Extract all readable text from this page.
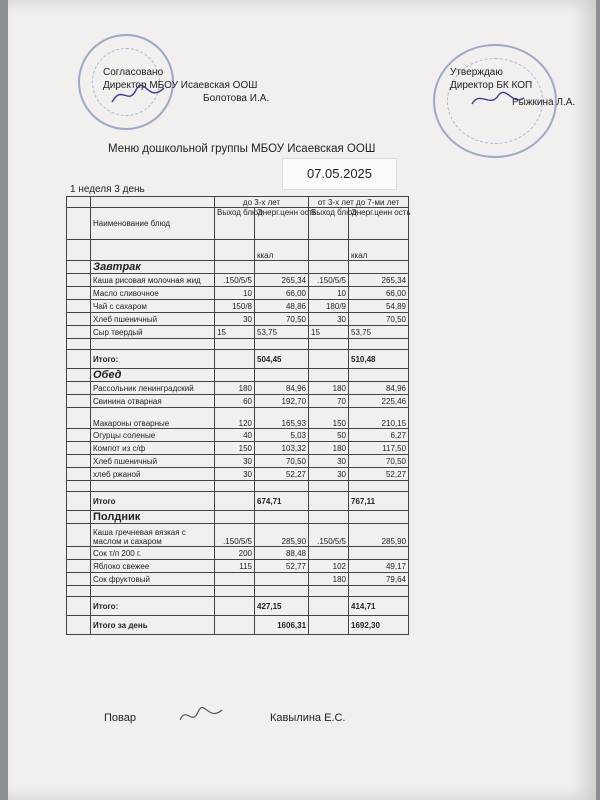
Согласовано
Директор МБОУ Исаевская ООШ
Болотова И.А.
Утверждаю
Директор БК КОП
Рыжкина Л.А.
Меню дошкольной группы МБОУ Исаевская ООШ
07.05.2025
1 неделя 3 день
		до 3-х лет		от 3-х лет до 7-ми лет	
	Наименование блюд	Выход блюд	Энерг.ценн ость	Выход блюд	Энерг.ценн ость
			ккал		ккал
	Завтрак				
	Каша рисовая молочная жид	.150/5/5	265,34	.150/5/5	265,34
	Масло сливочное	10	66,00	10	66,00
	Чай с сахаром	150/8	48,86	180/9	54,89
	Хлеб пшеничный	30	70,50	30	70,50
	Сыр твердый	15	53,75	15	53,75

	Итого:		504,45		510,48
	Обед				
	Рассольник ленинградский	180	84,96	180	84,96
	Свинина отварная	60	192,70	70	225,46
	Макароны отварные	120	165,93	150	210,15
	Огурцы соленые	40	5,03	50	6,27
	Компот из с/ф	150	103,32	180	117,50
	Хлеб пшеничный	30	70,50	30	70,50
	хлеб ржаной	30	52,27	30	52,27

	Итого		674,71		767,11
	Полдник				
	Каша гречневая вязкая с маслом и сахаром	.150/5/5	285,90	.150/5/5	285,90
	Сок т/п 200 г.	200	88,48		
	Яблоко свежее	115	52,77	102	49,17
	Сок фруктовый			180	79,64

	Итого:		427,15		414,71
	Итого за день		1606,31		1692,30
Повар	Кавылина Е.С.
